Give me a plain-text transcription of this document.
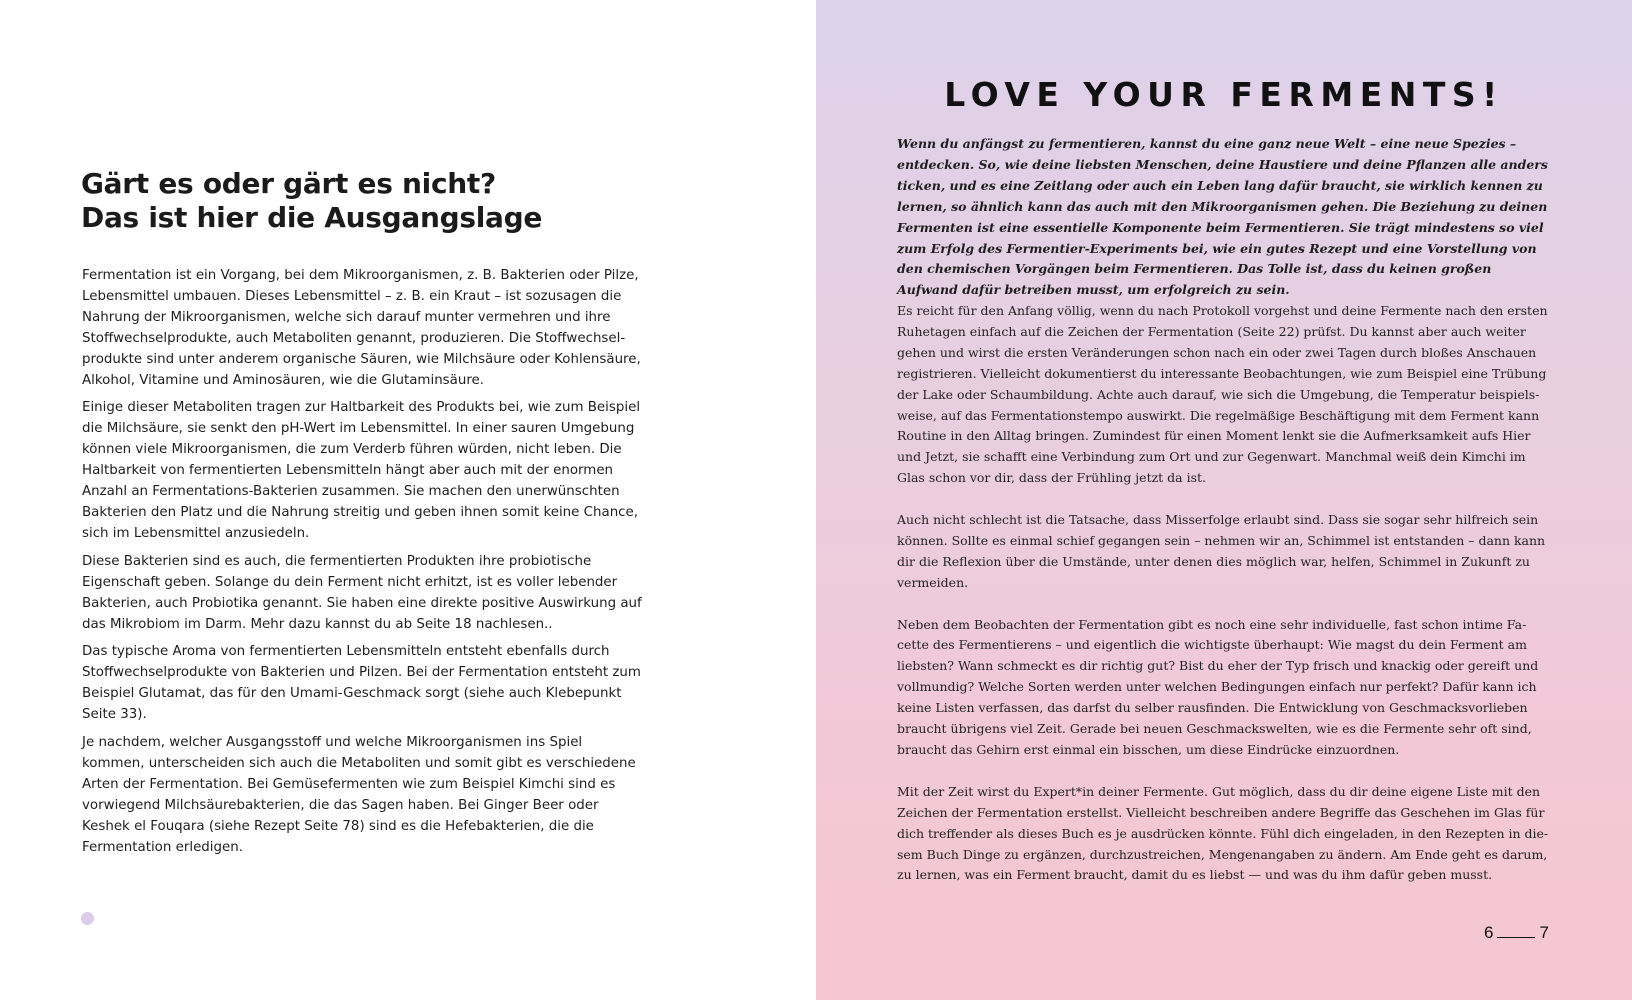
Gärt es oder gärt es nicht?
Das ist hier die Ausgangslage

Fermentation ist ein Vorgang, bei dem Mikroorganismen, z. B. Bakterien oder Pilze, Lebensmittel umbauen. Dieses Lebensmittel – z. B. ein Kraut – ist sozusagen die Nahrung der Mikroorganismen, welche sich darauf munter vermehren und ihre Stoffwechselprodukte, auch Metaboliten genannt, produzieren. Die Stoffwechselprodukte sind unter anderem organische Säuren, wie Milchsäure oder Kohlensäure, Alkohol, Vitamine und Aminosäuren, wie die Glutaminsäure.

Einige dieser Metaboliten tragen zur Haltbarkeit des Produkts bei, wie zum Beispiel die Milchsäure, sie senkt den pH-Wert im Lebensmittel. In einer sauren Umgebung können viele Mikroorganismen, die zum Verderb führen würden, nicht leben. Die Haltbarkeit von fermentierten Lebensmitteln hängt aber auch mit der enormen Anzahl an Fermentations-Bakterien zusammen. Sie machen den unerwünschten Bakterien den Platz und die Nahrung streitig und geben ihnen somit keine Chance, sich im Lebensmittel anzusiedeln.

Diese Bakterien sind es auch, die fermentierten Produkten ihre probiotische Eigenschaft geben. Solange du dein Ferment nicht erhitzt, ist es voller lebender Bakterien, auch Probiotika genannt. Sie haben eine direkte positive Auswirkung auf das Mikrobiom im Darm. Mehr dazu kannst du ab Seite 18 nachlesen..

Das typische Aroma von fermentierten Lebensmitteln entsteht ebenfalls durch Stoffwechselprodukte von Bakterien und Pilzen. Bei der Fermentation entsteht zum Beispiel Glutamat, das für den Umami-Geschmack sorgt (siehe auch Klebepunkt Seite 33).

Je nachdem, welcher Ausgangsstoff und welche Mikroorganismen ins Spiel kommen, unterscheiden sich auch die Metaboliten und somit gibt es verschiedene Arten der Fermentation. Bei Gemüsefermenten wie zum Beispiel Kimchi sind es vorwiegend Milchsäurebakterien, die das Sagen haben. Bei Ginger Beer oder Keshek el Fouqara (siehe Rezept Seite 78) sind es die Hefebakterien, die die Fermentation erledigen.

LOVE YOUR FERMENTS!

Wenn du anfängst zu fermentieren, kannst du eine ganz neue Welt – eine neue Spezies – entdecken. So, wie deine liebsten Menschen, deine Haustiere und deine Pflanzen alle anders ticken, und es eine Zeitlang oder auch ein Leben lang dafür braucht, sie wirklich kennen zu lernen, so ähnlich kann das auch mit den Mikroorganismen gehen. Die Beziehung zu deinen Fermenten ist eine essentielle Komponente beim Fermentieren. Sie trägt mindestens so viel zum Erfolg des Fermentier-Experiments bei, wie ein gutes Rezept und eine Vorstellung von den chemischen Vorgängen beim Fermentieren. Das Tolle ist, dass du keinen großen Aufwand dafür betreiben musst, um erfolgreich zu sein.

Es reicht für den Anfang völlig, wenn du nach Protokoll vorgehst und deine Fermente nach den ersten Ruhetagen einfach auf die Zeichen der Fermentation (Seite 22) prüfst. Du kannst aber auch weiter gehen und wirst die ersten Veränderungen schon nach ein oder zwei Tagen durch bloßes Anschauen registrieren. Vielleicht dokumentierst du interessante Beobachtungen, wie zum Beispiel eine Trübung der Lake oder Schaumbildung. Achte auch darauf, wie sich die Umgebung, die Temperatur beispielsweise, auf das Fermentationstempo auswirkt. Die regelmäßige Beschäftigung mit dem Ferment kann Routine in den Alltag bringen. Zumindest für einen Moment lenkt sie die Aufmerksamkeit aufs Hier und Jetzt, sie schafft eine Verbindung zum Ort und zur Gegenwart. Manchmal weiß dein Kimchi im Glas schon vor dir, dass der Frühling jetzt da ist.

Auch nicht schlecht ist die Tatsache, dass Misserfolge erlaubt sind. Dass sie sogar sehr hilfreich sein können. Sollte es einmal schief gegangen sein – nehmen wir an, Schimmel ist entstanden – dann kann dir die Reflexion über die Umstände, unter denen dies möglich war, helfen, Schimmel in Zukunft zu vermeiden.

Neben dem Beobachten der Fermentation gibt es noch eine sehr individuelle, fast schon intime Facette des Fermentierens – und eigentlich die wichtigste überhaupt: Wie magst du dein Ferment am liebsten? Wann schmeckt es dir richtig gut? Bist du eher der Typ frisch und knackig oder gereift und vollmundig? Welche Sorten werden unter welchen Bedingungen einfach nur perfekt? Dafür kann ich keine Listen verfassen, das darfst du selber rausfinden. Die Entwicklung von Geschmacksvorlieben braucht übrigens viel Zeit. Gerade bei neuen Geschmackswelten, wie es die Fermente sehr oft sind, braucht das Gehirn erst einmal ein bisschen, um diese Eindrücke einzuordnen.

Mit der Zeit wirst du Expert*in deiner Fermente. Gut möglich, dass du dir deine eigene Liste mit den Zeichen der Fermentation erstellst. Vielleicht beschreiben andere Begriffe das Geschehen im Glas für dich treffender als dieses Buch es je ausdrücken könnte. Fühl dich eingeladen, in den Rezepten in diesem Buch Dinge zu ergänzen, durchzustreichen, Mengenangaben zu ändern. Am Ende geht es darum, zu lernen, was ein Ferment braucht, damit du es liebst — und was du ihm dafür geben musst.

6	7
